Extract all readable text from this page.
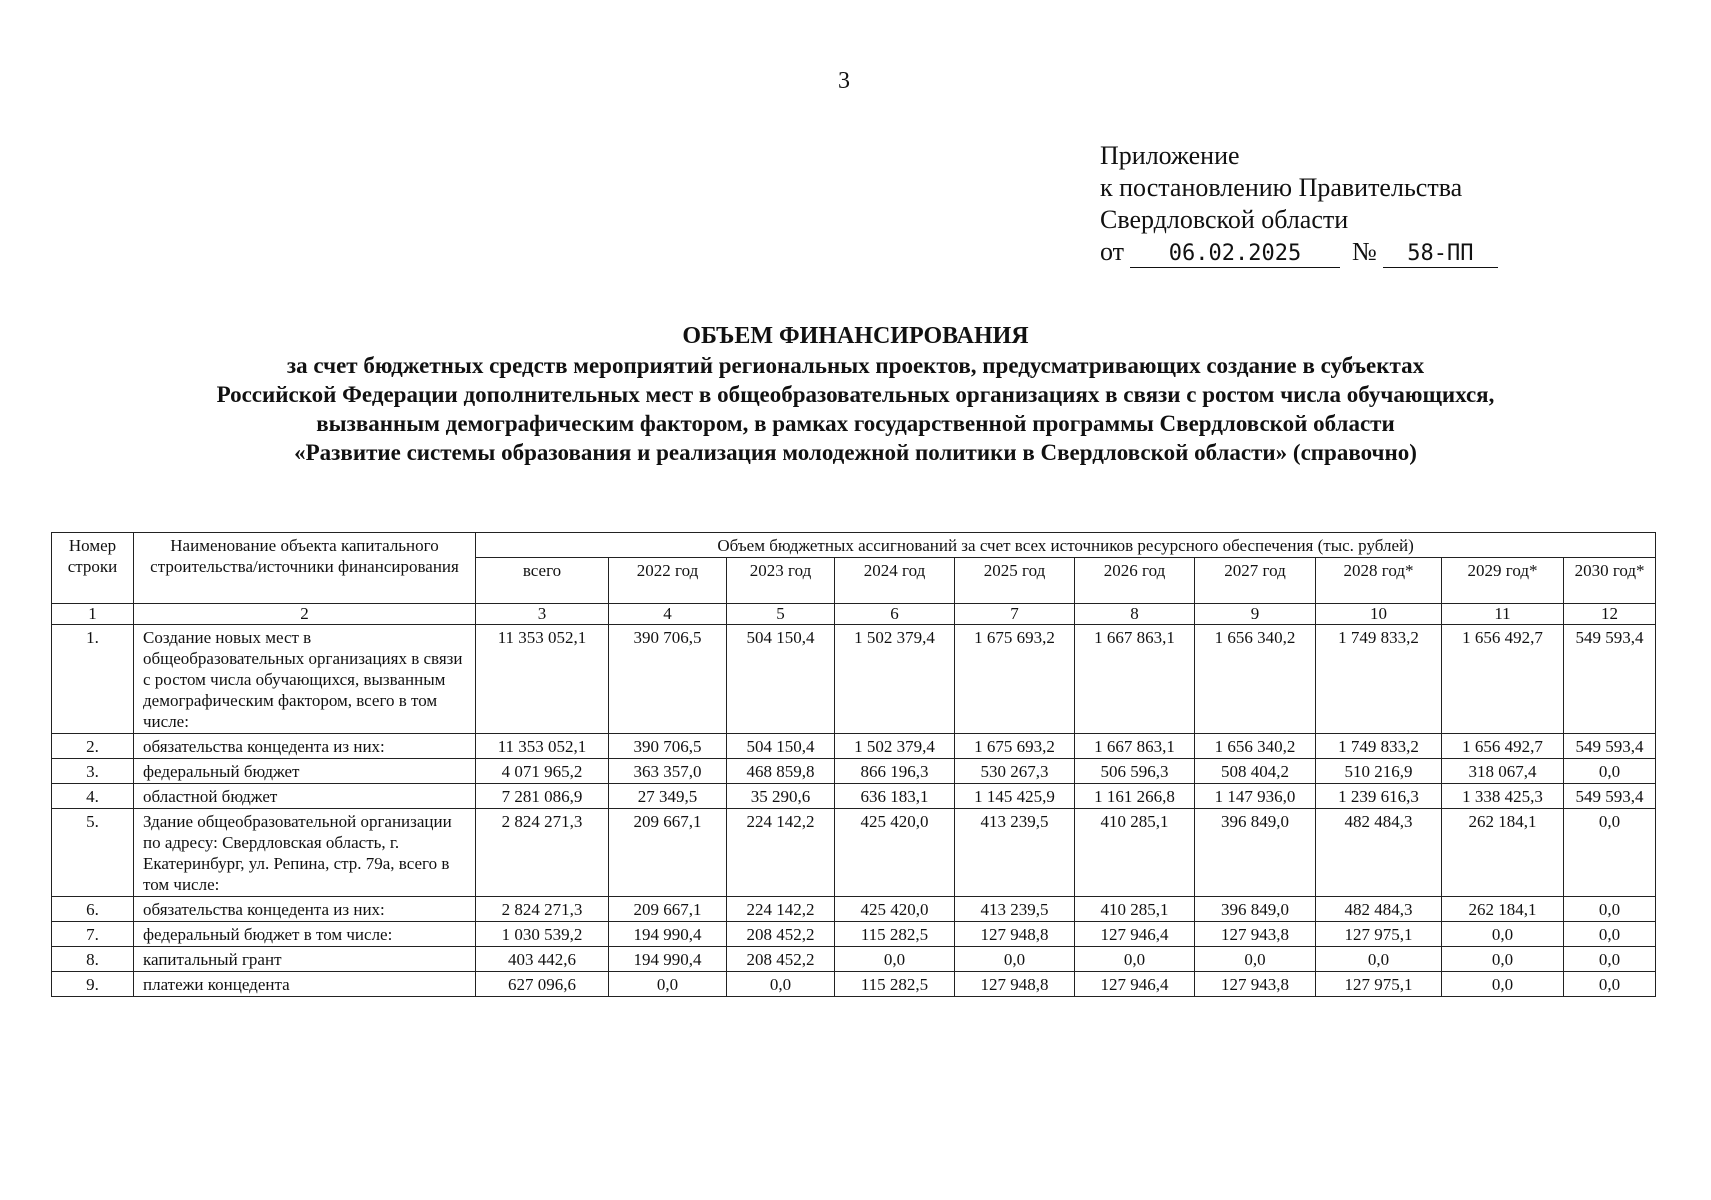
3
Приложение
к постановлению Правительства
Свердловской области
от 06.02.2025 № 58-ПП
ОБЪЕМ ФИНАНСИРОВАНИЯ
за счет бюджетных средств мероприятий региональных проектов, предусматривающих создание в субъектах
Российской Федерации дополнительных мест в общеобразовательных организациях в связи с ростом числа обучающихся,
вызванным демографическим фактором, в рамках государственной программы Свердловской области
«Развитие системы образования и реализация молодежной политики в Свердловской области» (справочно)
Номер строки	Наименование объекта капитального строительства/источники финансирования	Объем бюджетных ассигнований за счет всех источников ресурсного обеспечения (тыс. рублей)									
		всего	2022 год	2023 год	2024 год	2025 год	2026 год	2027 год	2028 год*	2029 год*	2030 год*
1	2	3	4	5	6	7	8	9	10	11	12
1.	Создание новых мест в общеобразовательных организациях в связи с ростом числа обучающихся, вызванным демографическим фактором, всего в том числе:	11 353 052,1	390 706,5	504 150,4	1 502 379,4	1 675 693,2	1 667 863,1	1 656 340,2	1 749 833,2	1 656 492,7	549 593,4
2.	обязательства концедента из них:	11 353 052,1	390 706,5	504 150,4	1 502 379,4	1 675 693,2	1 667 863,1	1 656 340,2	1 749 833,2	1 656 492,7	549 593,4
3.	федеральный бюджет	4 071 965,2	363 357,0	468 859,8	866 196,3	530 267,3	506 596,3	508 404,2	510 216,9	318 067,4	0,0
4.	областной бюджет	7 281 086,9	27 349,5	35 290,6	636 183,1	1 145 425,9	1 161 266,8	1 147 936,0	1 239 616,3	1 338 425,3	549 593,4
5.	Здание общеобразовательной организации по адресу: Свердловская область, г. Екатеринбург, ул. Репина, стр. 79а, всего в том числе:	2 824 271,3	209 667,1	224 142,2	425 420,0	413 239,5	410 285,1	396 849,0	482 484,3	262 184,1	0,0
6.	обязательства концедента из них:	2 824 271,3	209 667,1	224 142,2	425 420,0	413 239,5	410 285,1	396 849,0	482 484,3	262 184,1	0,0
7.	федеральный бюджет в том числе:	1 030 539,2	194 990,4	208 452,2	115 282,5	127 948,8	127 946,4	127 943,8	127 975,1	0,0	0,0
8.	капитальный грант	403 442,6	194 990,4	208 452,2	0,0	0,0	0,0	0,0	0,0	0,0	0,0
9.	платежи концедента	627 096,6	0,0	0,0	115 282,5	127 948,8	127 946,4	127 943,8	127 975,1	0,0	0,0
